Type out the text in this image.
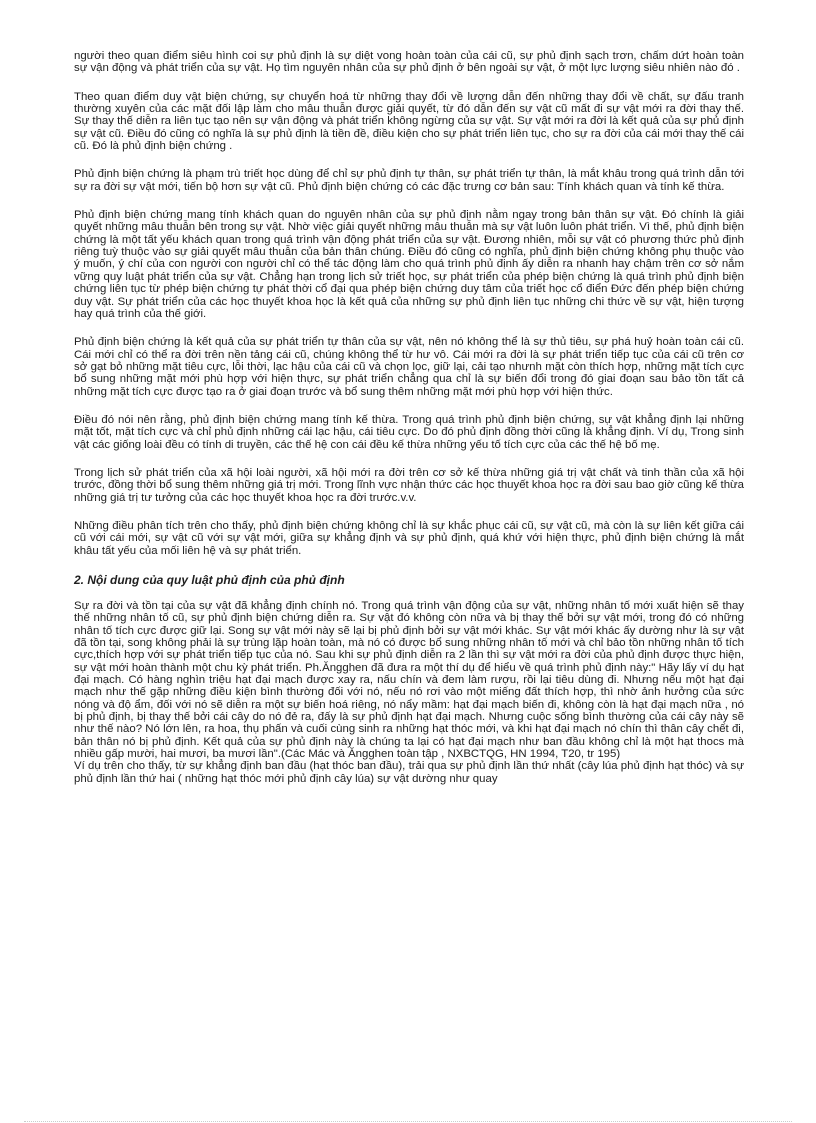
người theo quan điểm siêu hình coi sự phủ định là sự diệt vong hoàn toàn của cái cũ, sự phủ định sạch trơn, chấm dứt hoàn toàn sự vận động và phát triển của sự vật. Họ tìm nguyên nhân của sự phủ định ở bên ngoài sự vật, ở một lực lượng siêu nhiên nào đó .

Theo quan điểm duy vật biện chứng, sự chuyển hoá từ những thay đổi về lượng dẫn đến những thay đổi về chất, sự đấu tranh thường xuyên của các mặt đối lập làm cho mâu thuẫn được giải quyết, từ đó dẫn đến sự vật cũ mất đi sự vật mới ra đời thay thế. Sự thay thế diễn ra liên tục tạo nên sự vận động và phát triển không ngừng của sự vật. Sự vật mới ra đời là kết quả của sự phủ định sự vật cũ. Điều đó cũng có nghĩa là sự phủ định là tiền đề, điều kiện cho sự phát triển liên tục, cho sự ra đời của cái mới thay thế cái cũ. Đó là phủ định biện chứng .

Phủ định biện chứng là phạm trù triết học dùng để chỉ sự phủ định tự thân, sự phát triển tự thân, là mắt khâu trong quá trình dẫn tới sự ra đời sự vật mới, tiến bộ hơn sự vật cũ. Phủ định biện chứng có các đặc trưng cơ bản sau: Tính khách quan và tính kế thừa.

Phủ định biện chứng mang tính khách quan do nguyên nhân của sự phủ định nằm ngay trong bản thân sự vật. Đó chính là giải quyết những mâu thuẫn bên trong sự vật. Nhờ việc giải quyết những mâu thuẫn mà sự vật luôn luôn phát triển. Vì thế, phủ định biện chứng là một tất yếu khách quan trong quá trình vận động phát triển của sự vật. Đương nhiên, mỗi sự vật có phương thức phủ định riêng tuỳ thuộc vào sự giải quyết mâu thuẫn của bản thân chúng. Điều đó cũng có nghĩa, phủ định biện chứng không phụ thuộc vào ý muốn, ý chí của con người con người chỉ có thể tác động làm cho quá trình phủ định ấy diễn ra nhanh hay chậm trên cơ sở nắm vững quy luật phát triển của sự vật. Chẳng hạn trong lịch sử triết học, sự phát triển của phép biện chứng là quá trình phủ định biện chứng liên tục từ phép biện chứng tự phát thời cổ đại qua phép biện chứng duy tâm của triết học cổ điển Đức đến phép biện chứng duy vật. Sự phát triển của các học thuyết khoa học là kết quả của những sự phủ định liên tục những chi thức về sự vật, hiện tượng hay quá trình của thế giới.

Phủ định biện chứng là kết quả của sự phát triển tự thân của sự vật, nên nó không thể là sự thủ tiêu, sự phá huỷ hoàn toàn cái cũ. Cái mới chỉ có thể ra đời trên nền tảng cái cũ, chúng không thể từ hư vô. Cái mới ra đời là sự phát triển tiếp tục của cái cũ trên cơ sở gạt bỏ những mặt tiêu cực, lỗi thời, lạc hậu của cái cũ và chọn lọc, giữ lại, cải tạo nhưnh mặt còn thích hợp, những mặt tích cực bổ sung những mặt mới phù hợp với hiện thực, sự phát triển chẳng qua chỉ là sự biến đổi trong đó giai đoạn sau bảo tồn tất cả những mặt tích cực được tạo ra ở giai đoạn trước và bổ sung thêm những mặt mới phù hợp với hiện thức.

Điều đó nói nên rằng, phủ định biện chứng mang tính kế thừa. Trong quá trình phủ định biện chứng, sự vật khẳng định lại những mặt tốt, mặt tích cực và chỉ phủ định những cái lạc hậu, cái tiêu cực. Do đó phủ định đồng thời cũng là khẳng định. Ví dụ, Trong sinh vật các giống loài đều có tính di truyền, các thế hệ con cái đều kế thừa những yếu tố tích cực của các thế hệ bố mẹ.

Trong lịch sử phát triển của xã hội loài người, xã hội mới ra đời trên cơ sở kế thừa những giá trị vật chất và tinh thần của xã hội trước, đồng thời bổ sung thêm những giá trị mới. Trong lĩnh vực nhận thức các học thuyết khoa học ra đời sau bao giờ cũng kế thừa những giá trị tư tưởng của các học thuyết khoa học ra đời trước.v.v.

Những điều phân tích trên cho thấy, phủ định biện chứng không chỉ là sự khắc phục cái cũ, sự vật cũ, mà còn là sự liên kết giữa cái cũ với cái mới, sự vật cũ với sự vật mới, giữa sự khẳng định và sự phủ định, quá khứ với hiện thực, phủ định biện chứng là mắt khâu tất yếu của mối liên hệ và sự phát triển.

2. Nội dung của quy luật phủ định của phủ định

Sự ra đời và tồn tại của sự vật đã khẳng định chính nó. Trong quá trình vận động của sự vật, những nhân tố mới xuất hiện sẽ thay thế những nhân tố cũ, sự phủ định biện chứng diễn ra. Sự vật đó không còn nữa và bị thay thế bởi sự vật mới, trong đó có những nhân tố tích cực được giữ lại. Song sự vật mới này sẽ lại bị phủ định bởi sự vật mới khác. Sự vật mới khác ấy dường như là sự vật đã tồn tại, song không phải là sự trùng lặp hoàn toàn, mà nó có được bổ sung những nhân tố mới và chỉ bảo tồn những nhân tố tích cực,thích hợp với sự phát triển tiếp tục của nó. Sau khi sự phủ định diễn ra 2 lần thì sự vật mới ra đời của phủ định được thực hiện, sự vật mới hoàn thành một chu kỳ phát triển. Ph.Ăngghen đã đưa ra một thí dụ để hiểu về quá trình phủ định này:" Hãy lấy ví dụ hạt đại mạch. Có hàng nghìn triệu hạt đại mạch được xay ra, nấu chín và đem làm rượu, rồi lại tiêu dùng đi. Nhưng nếu một hạt đại mạch như thế gặp những điều kiện bình thường đối với nó, nếu nó rơi vào một miếng đất thích hợp, thì nhờ ảnh hưởng của sức nóng và độ ẩm, đối với nó sẽ diễn ra một sự biến hoá riêng, nó nẩy mầm: hạt đại mạch biến đi, không còn là hạt đại mạch nữa , nó bị phủ định, bị thay thế bởi cái cây do nó đẻ ra, đấy là sự phủ định hạt đại mạch. Nhưng cuộc sống bình thường của cái cây này sẽ như thế nào? Nó lớn lên, ra hoa, thụ phấn và cuối cùng sinh ra những hạt thóc mới, và khi hạt đại mạch nó chín thì thân cây chết đi, bản thân nó bị phủ định. Kết quả của sự phủ định này là chúng ta lại có hạt đại mạch như ban đầu không chỉ là một hạt thocs mà nhiều gấp mười, hai mươi, ba mươi lần".(Các Mác và Ăngghen toàn tập , NXBCTQG, HN 1994, T20, tr 195)

Ví dụ trên cho thấy, từ sự khẳng định ban đầu (hạt thóc ban đầu), trải qua sự phủ định lần thứ nhất (cây lúa phủ định hạt thóc) và sự phủ định lần thứ hai ( những hạt thóc mới phủ định cây lúa) sự vật dường như quay
